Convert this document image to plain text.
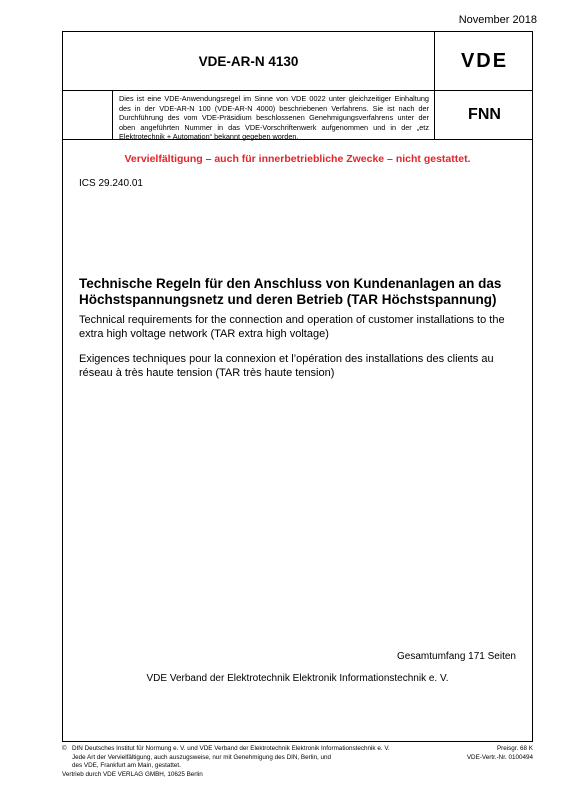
November 2018
VDE-AR-N 4130	VDE
Dies ist eine VDE-Anwendungsregel im Sinne von VDE 0022 unter gleichzeitiger Einhaltung des in der VDE-AR-N 100 (VDE-AR-N 4000) beschriebenen Verfahrens. Sie ist nach der Durchführung des vom VDE-Präsidium beschlossenen Genehmigungsverfahrens unter der oben angeführten Nummer in das VDE-Vorschriftenwerk aufgenommen und in der „etz Elektrotechnik + Automation“ bekannt gegeben worden.
FNN
Vervielfältigung – auch für innerbetriebliche Zwecke – nicht gestattet.
ICS 29.240.01
Technische Regeln für den Anschluss von Kundenanlagen an das Höchstspannungsnetz und deren Betrieb (TAR Höchstspannung)
Technical requirements for the connection and operation of customer installations to the extra high voltage network (TAR extra high voltage)
Exigences techniques pour la connexion et l’opération des installations des clients au réseau à très haute tension (TAR très haute tension)
Gesamtumfang 171 Seiten
VDE Verband der Elektrotechnik Elektronik Informationstechnik e. V.
© DIN Deutsches Institut für Normung e. V. und VDE Verband der Elektrotechnik Elektronik Informationstechnik e. V.
Jede Art der Vervielfältigung, auch auszugsweise, nur mit Genehmigung des DIN, Berlin, und
des VDE, Frankfurt am Main, gestattet.
Vertrieb durch VDE VERLAG GMBH, 10625 Berlin
Preisgr. 68 K
VDE-Vertr.-Nr. 0100494
